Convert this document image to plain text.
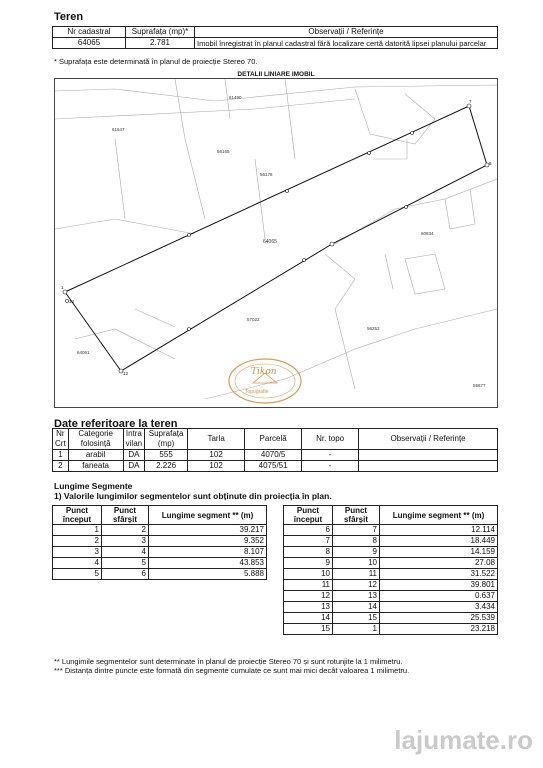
Teren
Nr cadastral	Suprafața (mp)*	Observații / Referințe
64065	2.781	Imobil înregistrat în planul cadastral fără localizare certă datorită lipsei planului parcelar
* Suprafața este determinată în planul de proiecție Stereo 70.
1
7
8
12
14
64065
61490
61647
56165
56178
60834
57022
56253
64061
55877
Tikon
Topografie
DETALII LINIARE IMOBIL
Date referitoare la teren
Nr Crt	Categorie folosință	Intra vilan	Suprafața (mp)	Tarla	Parcelă	Nr. topo	Observații / Referințe
1	arabil	DA	555	102	4070/5	-	
2	faneata	DA	2.226	102	4075/51	-	
Lungime Segmente
1) Valorile lungimilor segmentelor sunt obținute din proiecția în plan.
Punct început	Punct sfârșit	Lungime segment ** (m)
1	2	39.217
2	3	9.352
3	4	8.107
4	5	43.853
5	6	5.888
Punct început	Punct sfârșit	Lungime segment ** (m)
6	7	12.114
7	8	18.449
8	9	14.159
9	10	27.08
10	11	31.522
11	12	39.801
12	13	0.637
13	14	3.434
14	15	25.539
15	1	23.218
** Lungimile segmentelor sunt determinate în planul de proiecție Stereo 70 și sunt rotunjite la 1 milimetru.
*** Distanța dintre puncte este formată din segmente cumulate ce sunt mai mici decât valoarea 1 milimetru.
lajumate.ro
